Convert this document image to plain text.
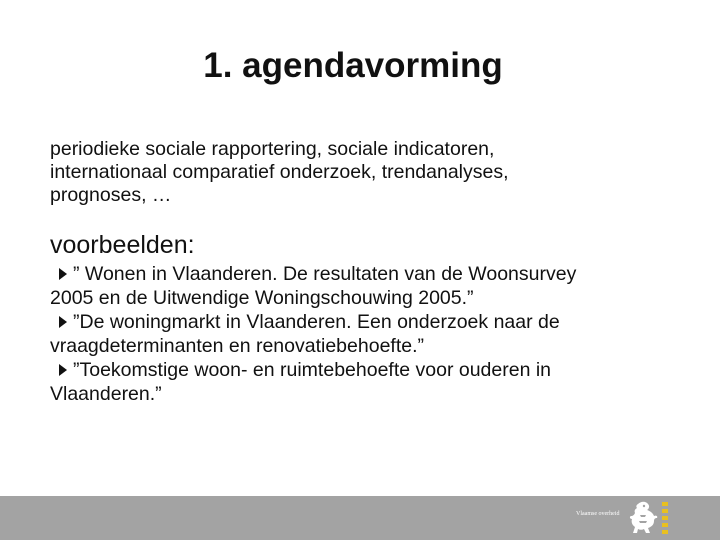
1. agendavorming

periodieke sociale rapportering, sociale indicatoren,
internationaal comparatief onderzoek, trendanalyses,
prognoses, …

voorbeelden:

” Wonen in Vlaanderen. De resultaten van de Woonsurvey
2005 en de Uitwendige Woningschouwing 2005.”
”De woningmarkt in Vlaanderen. Een onderzoek naar de
vraagdeterminanten en renovatiebehoefte.”
”Toekomstige woon- en ruimtebehoefte voor ouderen in
Vlaanderen.”
Vlaamse overheid
